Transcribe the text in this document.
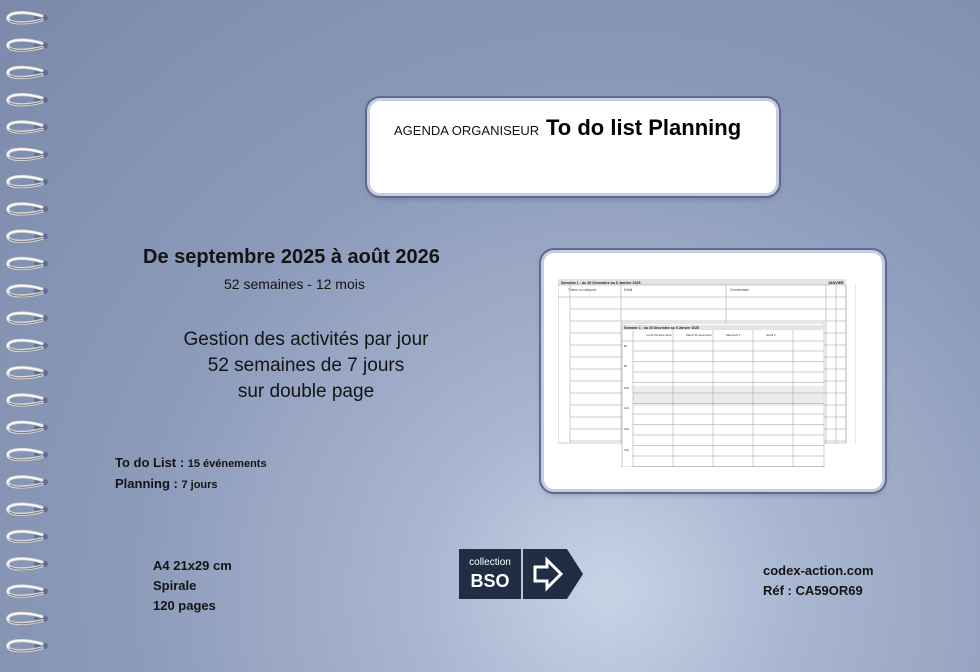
AGENDA ORGANISEUR To do list Planning
De septembre 2025 à août 2026
52 semaines - 12 mois
Gestion des activités par jour
52 semaines de 7 jours
sur double page
To do List : 15 événements
Planning : 7 jours
A4 21x29 cm
Spirale
120 pages
codex-action.com
Réf : CA59OR69
Semaine 1 : du 30 Décembre au 5 Janvier 2025	JANVIER
Thème ou catégorie	Détail	Commentaire
Semaine 1 : du 30 Décembre au 5 Janvier 2025
Lundi 30 décembre	Mardi 31 décembre	Mercredi 1	Jeudi 2
8h
9h
10h
11h
12h
13h
collection
BSO
